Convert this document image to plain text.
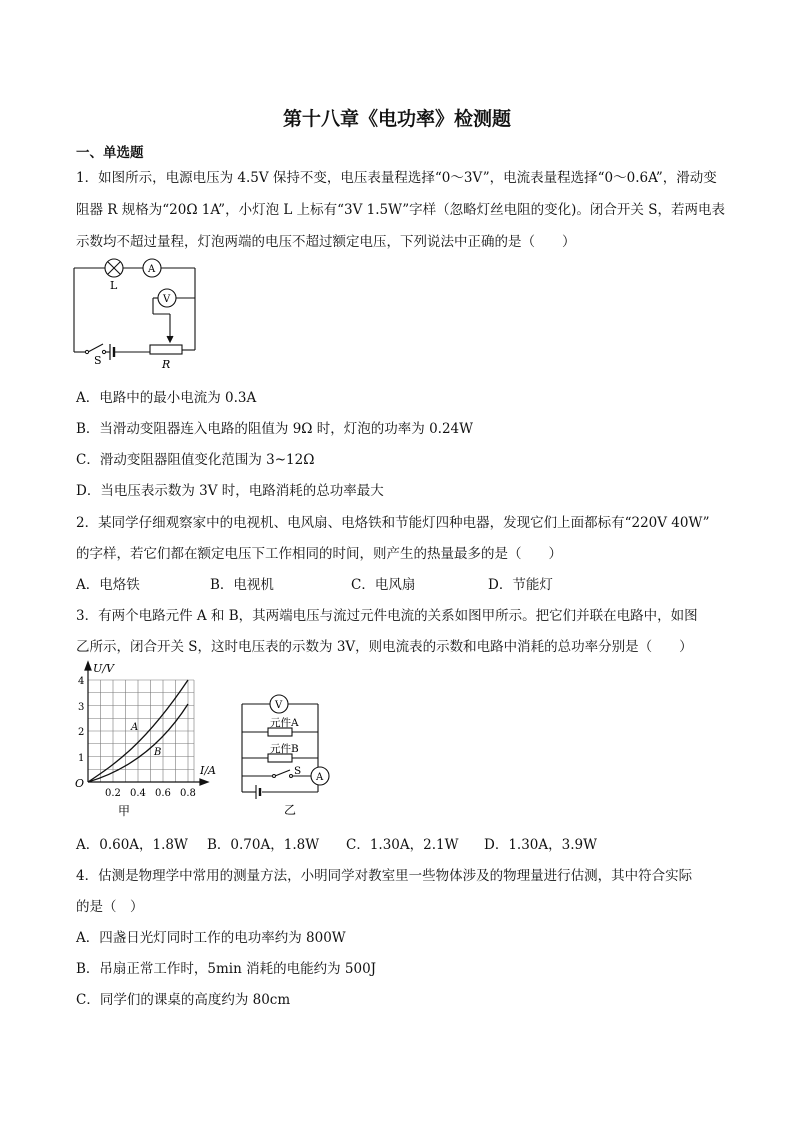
第十八章《电功率》检测题
一、单选题
1．如图所示，电源电压为 4.5V 保持不变，电压表量程选择“0～3V”，电流表量程选择“0～0.6A”，滑动变
阻器 R 规格为“20Ω 1A”，小灯泡 L 上标有“3V 1.5W”字样（忽略灯丝电阻的变化)。闭合开关 S，若两电表
示数均不超过量程，灯泡两端的电压不超过额定电压，下列说法中正确的是（　　）
L
A
V
S	R
A．电路中的最小电流为 0.3A
B．当滑动变阻器连入电路的阻值为 9Ω 时，灯泡的功率为 0.24W
C．滑动变阻器阻值变化范围为 3~12Ω
D．当电压表示数为 3V 时，电路消耗的总功率最大
2．某同学仔细观察家中的电视机、电风扇、电烙铁和节能灯四种电器，发现它们上面都标有“220V 40W”
的字样，若它们都在额定电压下工作相同的时间，则产生的热量最多的是（　　）
A．电烙铁	B．电视机	C．电风扇	D．节能灯
3．有两个电路元件 A 和 B，其两端电压与流过元件电流的关系如图甲所示。把它们并联在电路中，如图
乙所示，闭合开关 S，这时电压表的示数为 3V，则电流表的示数和电路中消耗的总功率分别是（　　）
U/V
O
1
2
3
4
0.2 0.4 0.6 0.8
I/A
A
B
甲
V
A
元件A
元件B
S
乙
A．0.60A，1.8W B．0.70A，1.8W C．1.30A，2.1W D．1.30A，3.9W
4．估测是物理学中常用的测量方法，小明同学对教室里一些物体涉及的物理量进行估测，其中符合实际
的是（　）
A．四盏日光灯同时工作的电功率约为 800W
B．吊扇正常工作时，5min 消耗的电能约为 500J
C．同学们的课桌的高度约为 80cm
